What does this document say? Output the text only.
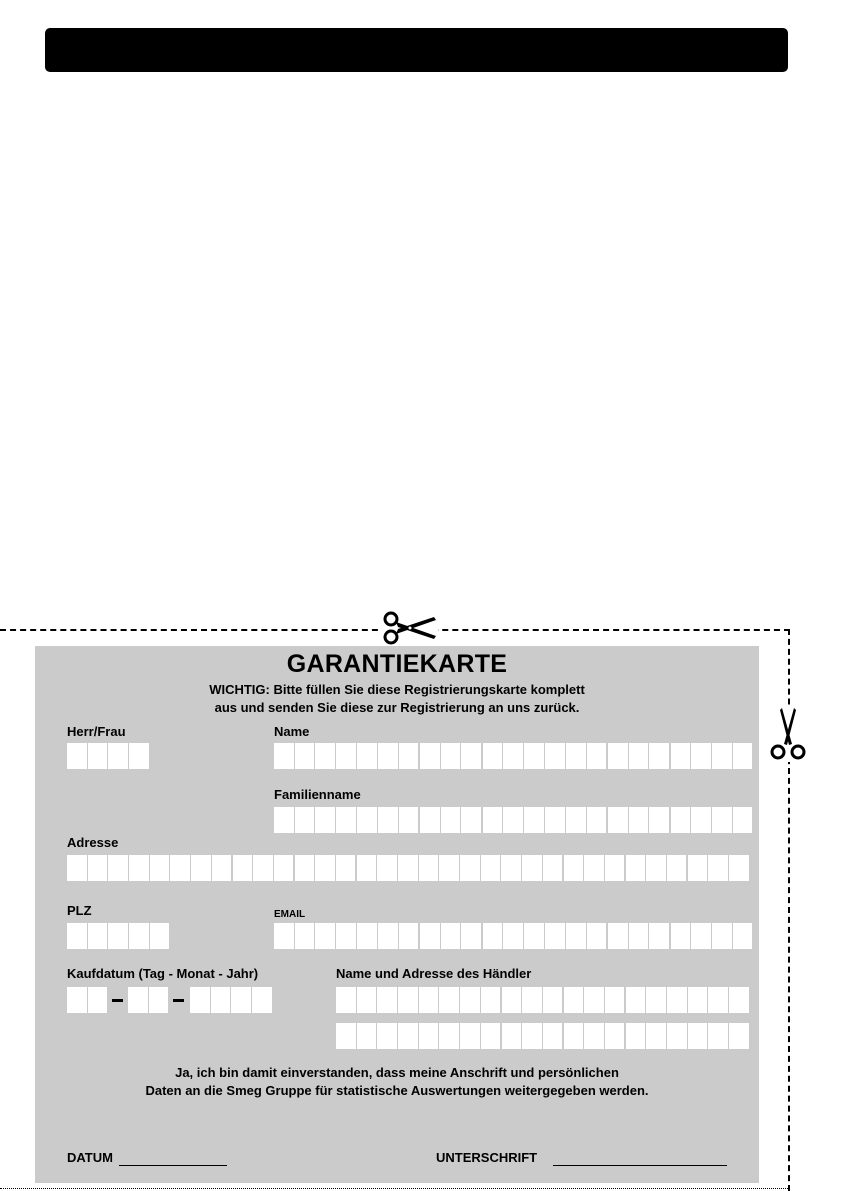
GARANTIEKARTE
WICHTIG: Bitte füllen Sie diese Registrierungskarte komplett
aus und senden Sie diese zur Registrierung an uns zurück.
Herr/Frau	Name
Familienname
Adresse
PLZ	EMAIL
Kaufdatum (Tag - Monat - Jahr)	Name und Adresse des Händler
Ja, ich bin damit einverstanden, dass meine Anschrift und persönlichen
Daten an die Smeg Gruppe für statistische Auswertungen weitergegeben werden.
DATUM	UNTERSCHRIFT
